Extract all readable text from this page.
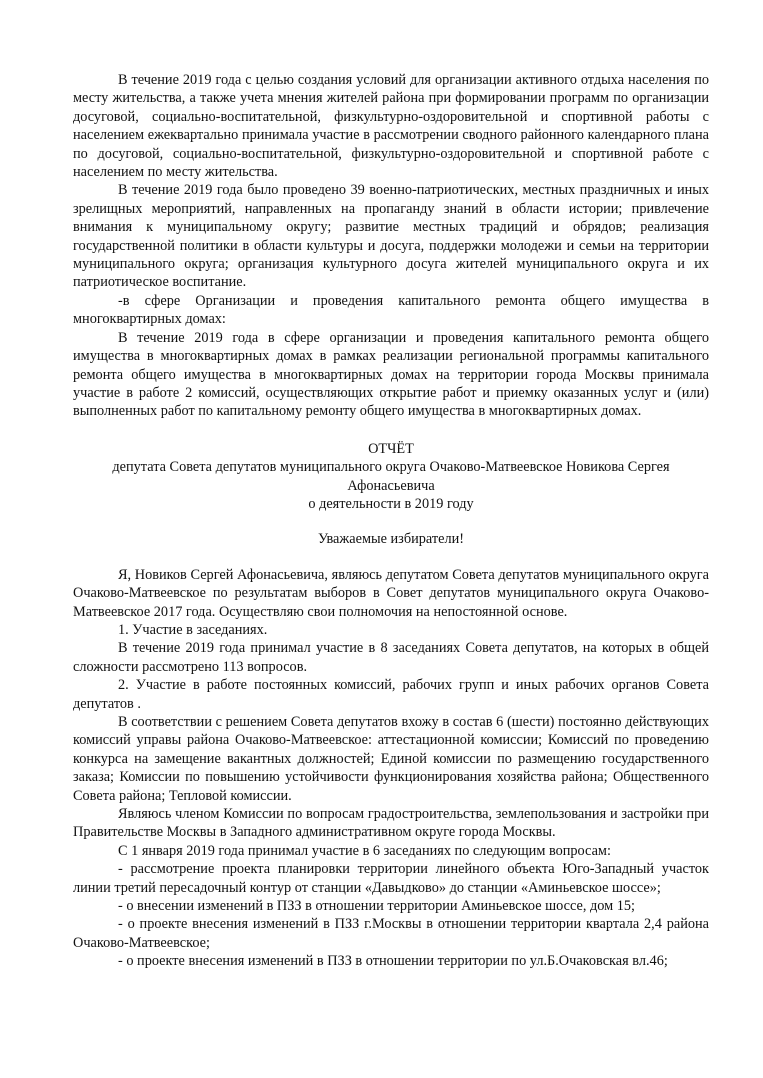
В течение 2019 года с целью создания условий для организации активного отдыха населения по месту жительства, а также учета мнения жителей района при формировании программ по организации досуговой, социально-воспитательной, физкультурно-оздоровительной и спортивной работы с населением ежеквартально принимала участие в рассмотрении сводного районного календарного плана по досуговой, социально-воспитательной, физкультурно-оздоровительной и спортивной работе с населением по месту жительства.

В течение 2019 года было проведено 39 военно-патриотических, местных праздничных и иных зрелищных мероприятий, направленных на пропаганду знаний в области истории; привлечение внимания к муниципальному округу; развитие местных традиций и обрядов; реализация государственной политики в области культуры и досуга, поддержки молодежи и семьи на территории муниципального округа; организация культурного досуга жителей муниципального округа и их патриотическое воспитание.

-в сфере Организации и проведения капитального ремонта общего имущества в многоквартирных домах:

В течение 2019 года в сфере организации и проведения капитального ремонта общего имущества в многоквартирных домах в рамках реализации региональной программы капитального ремонта общего имущества в многоквартирных домах на территории города Москвы принимала участие в работе 2 комиссий, осуществляющих открытие работ и приемку оказанных услуг и (или) выполненных работ по капитальному ремонту общего имущества в многоквартирных домах.

ОТЧЁТ

депутата Совета депутатов муниципального округа Очаково-Матвеевское Новикова Сергея

Афонасьевича

о деятельности в 2019 году

Уважаемые избиратели!

Я, Новиков Сергей Афонасьевича, являюсь депутатом Совета депутатов муниципального округа Очаково-Матвеевское по результатам выборов в Совет депутатов муниципального округа Очаково-Матвеевское 2017 года. Осуществляю свои полномочия на непостоянной основе.

1. Участие в заседаниях.

В течение 2019 года принимал участие в 8 заседаниях Совета депутатов, на которых в общей сложности рассмотрено 113 вопросов.

2. Участие в работе постоянных комиссий, рабочих групп и иных рабочих органов Совета депутатов .

В соответствии с решением Совета депутатов вхожу в состав 6 (шести) постоянно действующих комиссий управы района Очаково-Матвеевское: аттестационной комиссии; Комиссий по проведению конкурса на замещение вакантных должностей; Единой комиссии по размещению государственного заказа; Комиссии по повышению устойчивости функционирования хозяйства района; Общественного Совета района; Тепловой комиссии.

Являюсь членом Комиссии по вопросам градостроительства, землепользования и застройки при Правительстве Москвы в Западного административном округе города Москвы.

С 1 января 2019 года принимал участие в 6 заседаниях по следующим вопросам:

- рассмотрение проекта планировки территории линейного объекта Юго-Западный участок линии третий пересадочный контур от станции «Давыдково» до станции «Аминьевское шоссе»;

- о внесении изменений в ПЗЗ в отношении территории Аминьевское шоссе, дом 15;

- о проекте внесения изменений в ПЗЗ г.Москвы в отношении территории квартала 2,4 района Очаково-Матвеевское;

- о проекте внесения изменений в ПЗЗ в отношении территории по ул.Б.Очаковская вл.46;
